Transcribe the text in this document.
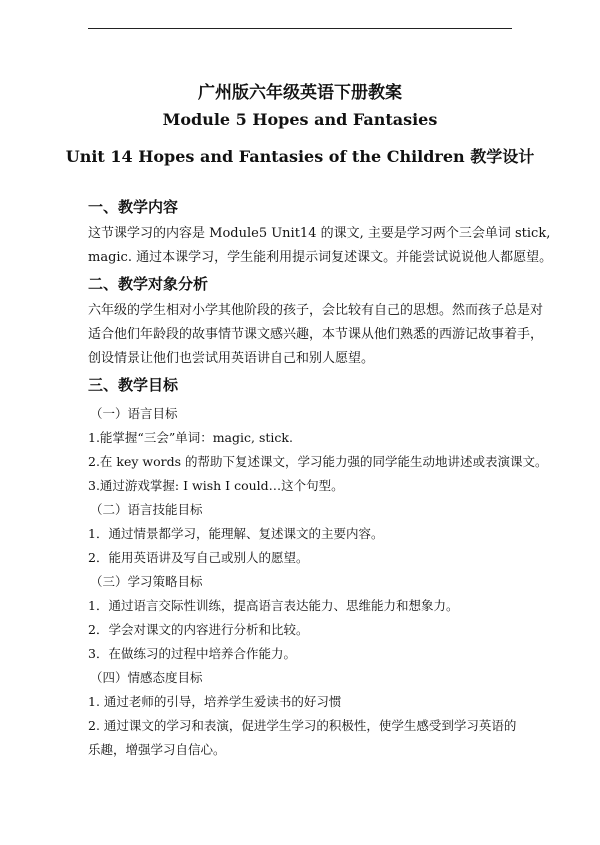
广州版六年级英语下册教案
Module 5 Hopes and Fantasies
Unit 14 Hopes and Fantasies of the Children 教学设计
一、教学内容
这节课学习的内容是 Module5 Unit14 的课文, 主要是学习两个三会单词 stick,
magic. 通过本课学习，学生能利用提示词复述课文。并能尝试说说他人都愿望。
二、教学对象分析
六年级的学生相对小学其他阶段的孩子，会比较有自己的思想。然而孩子总是对
适合他们年龄段的故事情节课文感兴趣，本节课从他们熟悉的西游记故事着手，
创设情景让他们也尝试用英语讲自己和别人愿望。
三、教学目标
（一）语言目标
1.能掌握“三会”单词：magic, stick.
2.在 key words 的帮助下复述课文，学习能力强的同学能生动地讲述或表演课文。
3.通过游戏掌握: I wish I could…这个句型。
（二）语言技能目标
1．通过情景都学习，能理解、复述课文的主要内容。
2．能用英语讲及写自己或别人的愿望。
（三）学习策略目标
1．通过语言交际性训练，提高语言表达能力、思维能力和想象力。
2．学会对课文的内容进行分析和比较。
3．在做练习的过程中培养合作能力。
（四）情感态度目标
1. 通过老师的引导，培养学生爱读书的好习惯
2. 通过课文的学习和表演，促进学生学习的积极性，使学生感受到学习英语的
乐趣，增强学习自信心。
